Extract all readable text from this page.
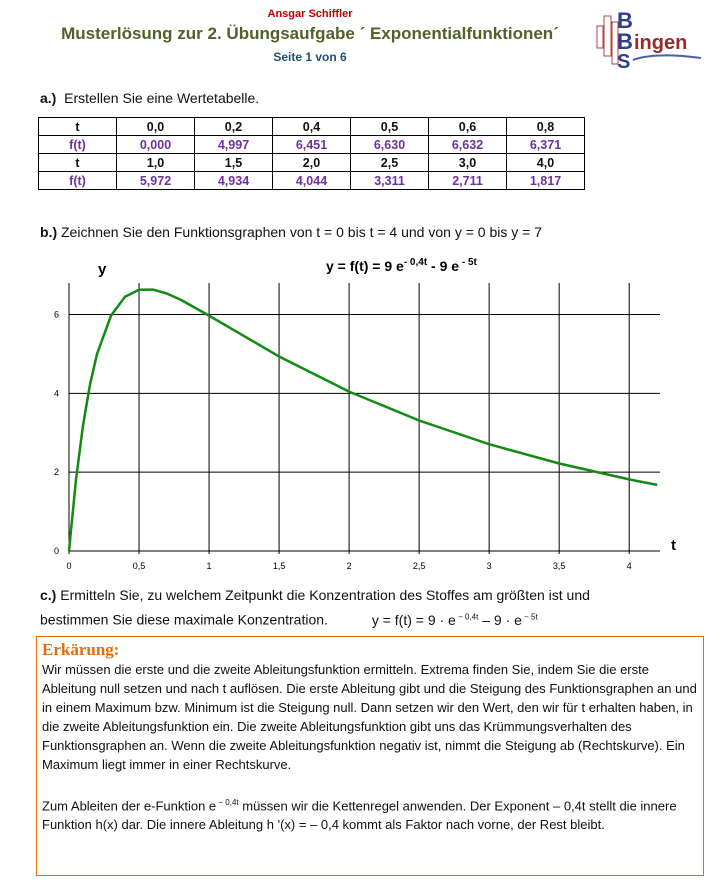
Ansgar Schiffler
Musterlösung zur 2. Übungsaufgabe ´ Exponentialfunktionen´
Seite 1 von 6
B
B ingen
S
a.) Erstellen Sie eine Wertetabelle.
t	0,0	0,2	0,4	0,5	0,6	0,8
f(t)	0,000	4,997	6,451	6,630	6,632	6,371
t	1,0	1,5	2,0	2,5	3,0	4,0
f(t)	5,972	4,934	4,044	3,311	2,711	1,817
b.) Zeichnen Sie den Funktionsgraphen von t = 0 bis t = 4 und von y = 0 bis y = 7
0	0,5	1	1,5	2	2,5	3	3,5	4
0
2
4
6
y
t
y = f(t) = 9 $e^{- 0,4t} - 9$ e $^{- 5t}$
c.) Ermitteln Sie, zu welchem Zeitpunkt die Konzentration des Stoffes am größten ist und
bestimmen Sie diese maximale Konzentration.	y = f(t) = 9 · e $^{- 0,4t}$ – 9 · e $^{- 5t}$
Erkärung:

Wir müssen die erste und die zweite Ableitungsfunktion ermitteln. Extrema finden Sie, indem Sie die erste Ableitung null setzen und nach t auflösen. Die erste Ableitung gibt und die Steigung des Funktionsgraphen an und in einem Maximum bzw. Minimum ist die Steigung null. Dann setzen wir den Wert, den wir für t erhalten haben, in die zweite Ableitungsfunktion ein. Die zweite Ableitungsfunktion gibt uns das Krümmungsverhalten des Funktionsgraphen an. Wenn die zweite Ableitungsfunktion negativ ist, nimmt die Steigung ab (Rechtskurve). Ein Maximum liegt immer in einer Rechtskurve.

Zum Ableiten der e-Funktion e $^{- 0,4t}$ müssen wir die Kettenregel anwenden. Der Exponent – 0,4t stellt die innere Funktion h(x) dar. Die innere Ableitung h '(x) = – 0,4 kommt als Faktor nach vorne, der Rest bleibt.
